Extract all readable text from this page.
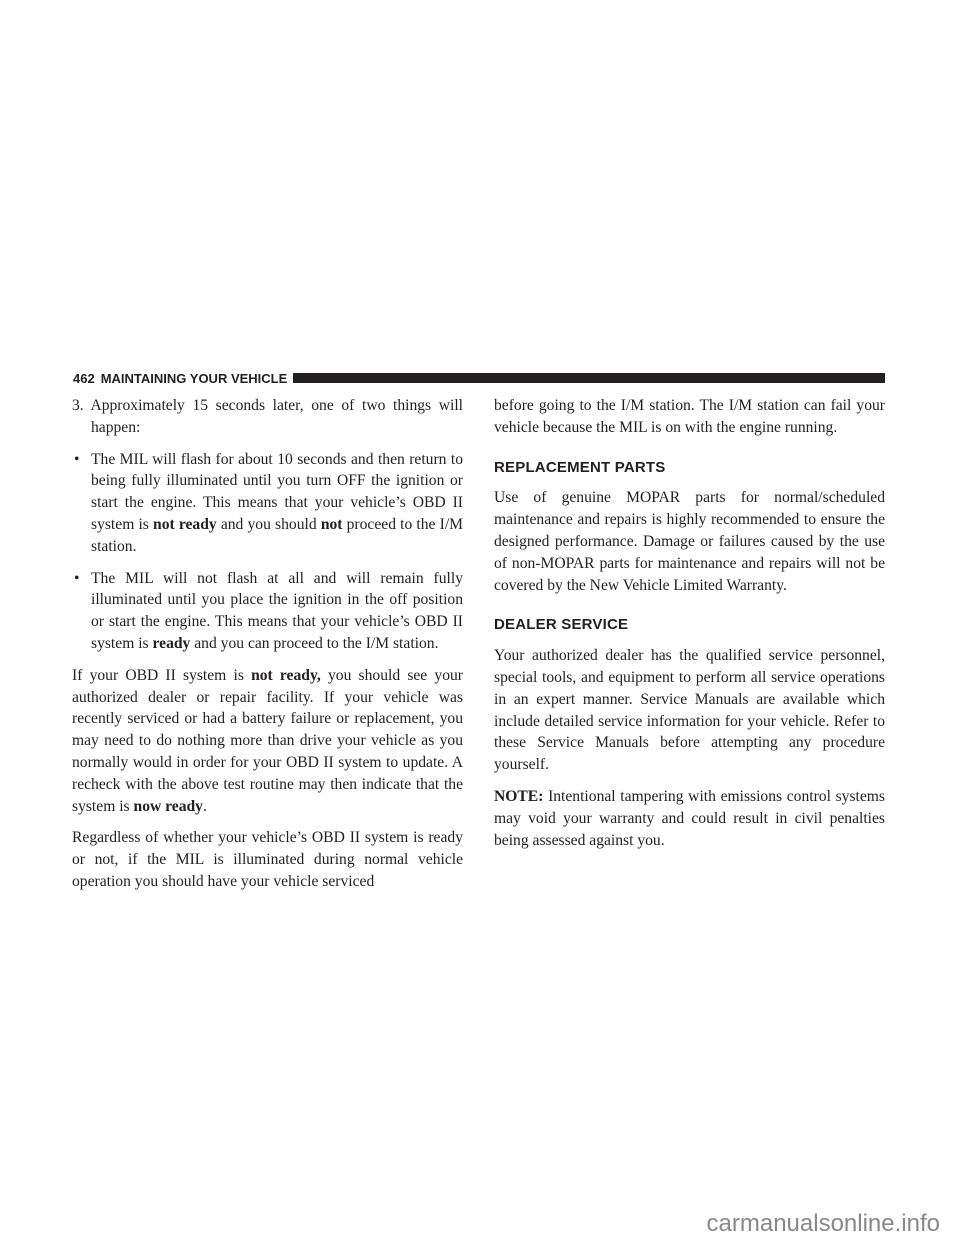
462 MAINTAINING YOUR VEHICLE

3. Approximately 15 seconds later, one of two things will happen:

• The MIL will flash for about 10 seconds and then return to being fully illuminated until you turn OFF the ignition or start the engine. This means that your vehicle’s OBD II system is not ready and you should not proceed to the I/M station.

• The MIL will not flash at all and will remain fully illuminated until you place the ignition in the off position or start the engine. This means that your vehicle’s OBD II system is ready and you can proceed to the I/M station.

If your OBD II system is not ready, you should see your authorized dealer or repair facility. If your vehicle was recently serviced or had a battery failure or replacement, you may need to do nothing more than drive your vehicle as you normally would in order for your OBD II system to update. A recheck with the above test routine may then indicate that the system is now ready.

Regardless of whether your vehicle’s OBD II system is ready or not, if the MIL is illuminated during normal vehicle operation you should have your vehicle serviced

before going to the I/M station. The I/M station can fail your vehicle because the MIL is on with the engine running.

REPLACEMENT PARTS

Use of genuine MOPAR parts for normal/scheduled maintenance and repairs is highly recommended to ensure the designed performance. Damage or failures caused by the use of non-MOPAR parts for maintenance and repairs will not be covered by the New Vehicle Limited Warranty.

DEALER SERVICE

Your authorized dealer has the qualified service personnel, special tools, and equipment to perform all service operations in an expert manner. Service Manuals are available which include detailed service information for your vehicle. Refer to these Service Manuals before attempting any procedure yourself.

NOTE: Intentional tampering with emissions control systems may void your warranty and could result in civil penalties being assessed against you.

carmanualsonline.info
